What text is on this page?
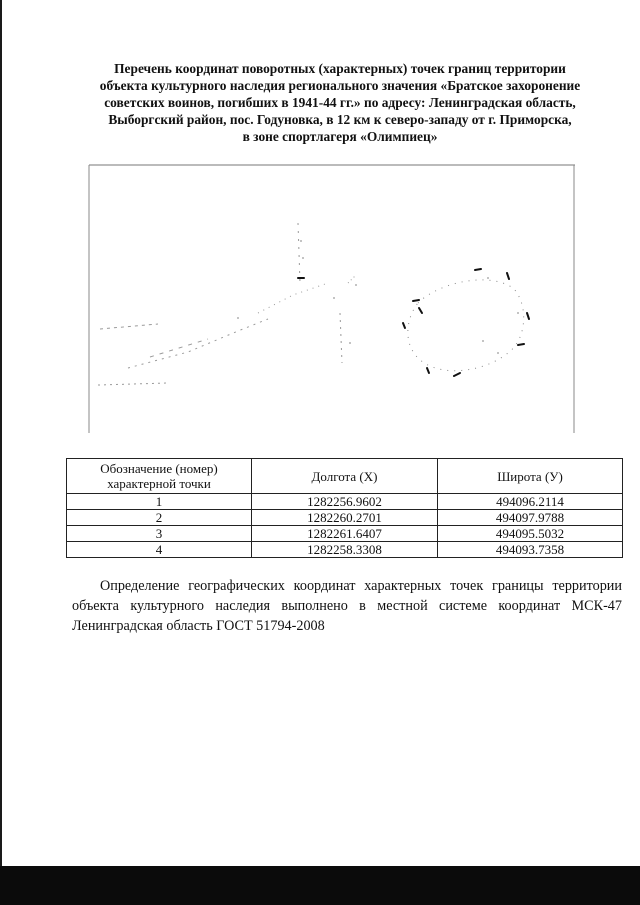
Перечень координат поворотных (характерных) точек границ территории
объекта культурного наследия регионального значения «Братское захоронение
советских воинов, погибших в 1941-44 гг.» по адресу: Ленинградская область,
Выборгский район, пос. Годуновка, в 12 км к северо-западу от г. Приморска,
в зоне спортлагеря «Олимпиец»
Обозначение (номер) характерной точки	Долгота (X)	Широта (У)
1	1282256.9602	494096.2114
2	1282260.2701	494097.9788
3	1282261.6407	494095.5032
4	1282258.3308	494093.7358

Определение географических координат характерных точек границы территории объекта культурного наследия выполнено в местной системе координат МСК-47 Ленинградская область ГОСТ 51794-2008
